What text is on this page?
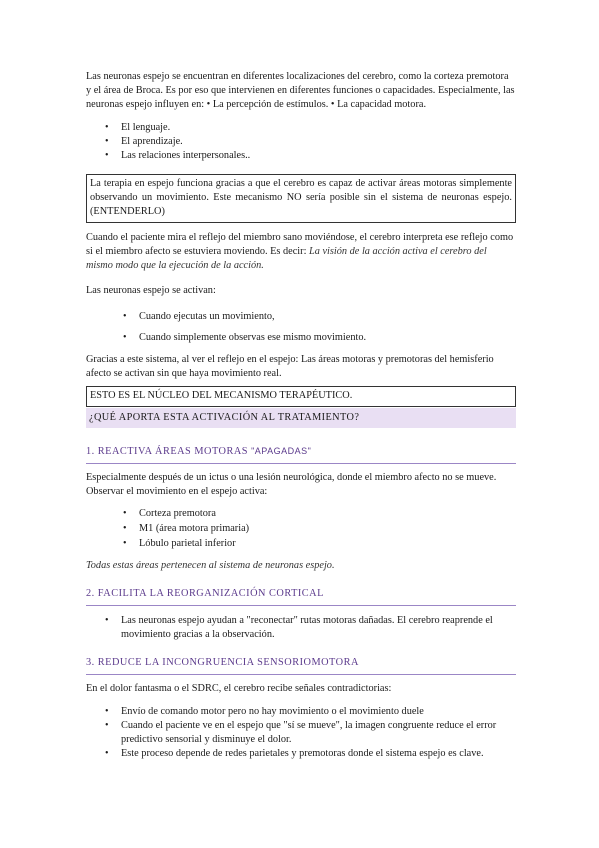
Las neuronas espejo se encuentran en diferentes localizaciones del cerebro, como la corteza premotora y el área de Broca. Es por eso que intervienen en diferentes funciones o capacidades. Especialmente, las neuronas espejo influyen en: • La percepción de estímulos. • La capacidad motora.

• El lenguaje.
• El aprendizaje.
• Las relaciones interpersonales..

La terapia en espejo funciona gracias a que el cerebro es capaz de activar áreas motoras simplemente observando un movimiento. Este mecanismo NO sería posible sin el sistema de neuronas espejo. (ENTENDERLO)

Cuando el paciente mira el reflejo del miembro sano moviéndose, el cerebro interpreta ese reflejo como si el miembro afecto se estuviera moviendo. Es decir: La visión de la acción activa el cerebro del mismo modo que la ejecución de la acción.

Las neuronas espejo se activan:

• Cuando ejecutas un movimiento,
• Cuando simplemente observas ese mismo movimiento.

Gracias a este sistema, al ver el reflejo en el espejo: Las áreas motoras y premotoras del hemisferio afecto se activan sin que haya movimiento real.

ESTO ES EL NÚCLEO DEL MECANISMO TERAPÉUTICO.

¿QUÉ APORTA ESTA ACTIVACIÓN AL TRATAMIENTO?

1. REACTIVA ÁREAS MOTORAS "APAGADAS"

Especialmente después de un ictus o una lesión neurológica, donde el miembro afecto no se mueve. Observar el movimiento en el espejo activa:

• Corteza premotora
• M1 (área motora primaria)
• Lóbulo parietal inferior

Todas estas áreas pertenecen al sistema de neuronas espejo.

2. FACILITA LA REORGANIZACIÓN CORTICAL
• Las neuronas espejo ayudan a "reconectar" rutas motoras dañadas. El cerebro reaprende el movimiento gracias a la observación.
3. REDUCE LA INCONGRUENCIA SENSORIOMOTORA

En el dolor fantasma o el SDRC, el cerebro recibe señales contradictorias:

• Envío de comando motor pero no hay movimiento o el movimiento duele
• Cuando el paciente ve en el espejo que "sí se mueve", la imagen congruente reduce el error predictivo sensorial y disminuye el dolor.
• Este proceso depende de redes parietales y premotoras donde el sistema espejo es clave.
